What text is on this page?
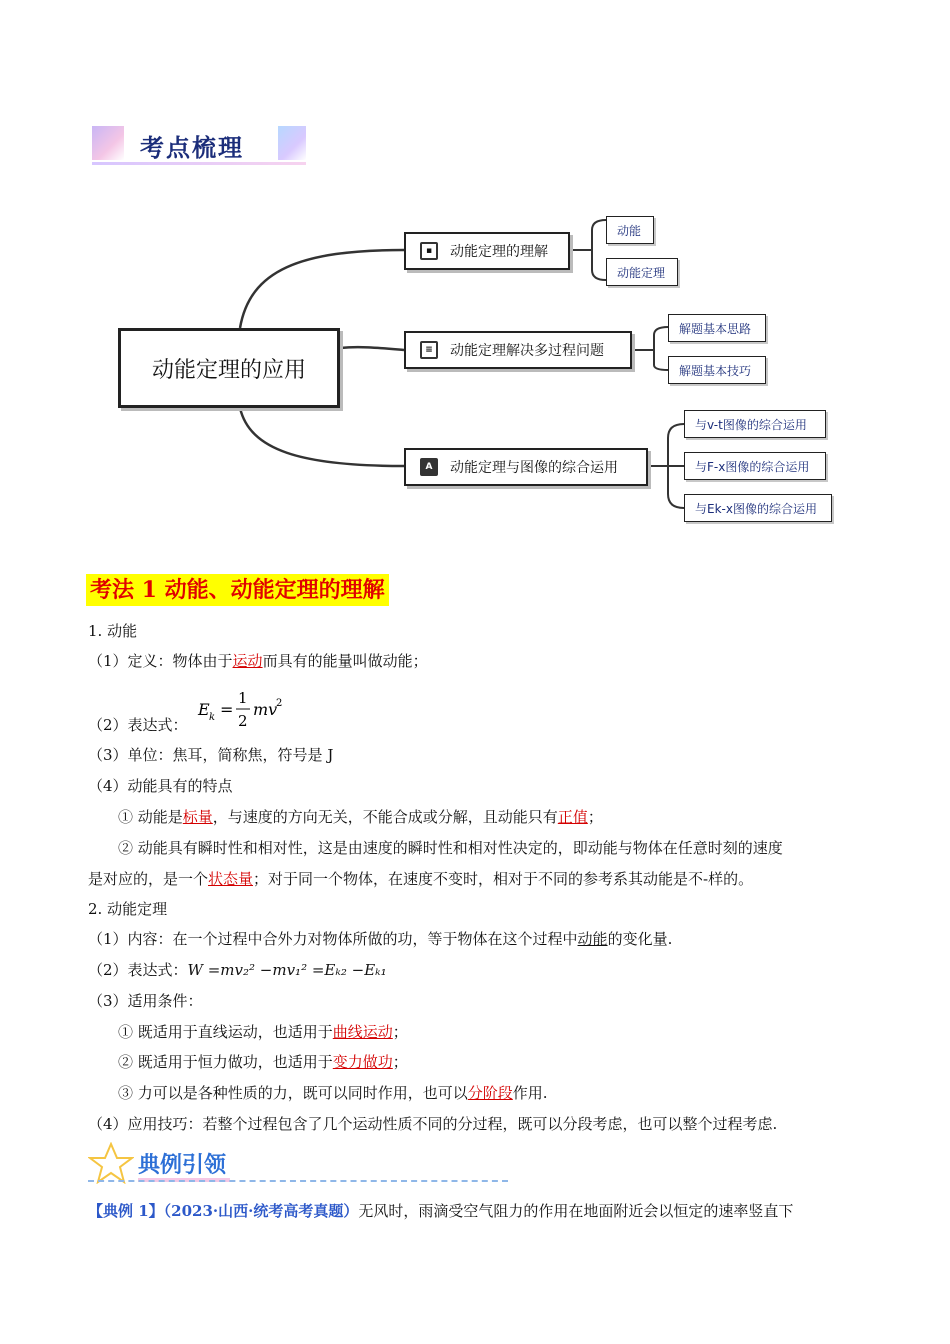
考点梳理
动能定理的应用
▪	动能定理的理解
≡	动能定理解决多过程问题
A	动能定理与图像的综合运用
动能
动能定理
解题基本思路
解题基本技巧
与v-t图像的综合运用
与F-x图像的综合运用
与Ek-x图像的综合运用
考法 1 动能、动能定理的理解
1. 动能
（1）定义：物体由于运动而具有的能量叫做动能；
E k =
1
2
mv
2
（2）表达式：
（3）单位：焦耳，简称焦，符号是 J
（4）动能具有的特点
① 动能是标量，与速度的方向无关，不能合成或分解，且动能只有正值；
② 动能具有瞬时性和相对性，这是由速度的瞬时性和相对性决定的，即动能与物体在任意时刻的速度
是对应的，是一个状态量；对于同一个物体，在速度不变时，相对于不同的参考系其动能是不-样的。
2. 动能定理
（1）内容：在一个过程中合外力对物体所做的功，等于物体在这个过程中动能的变化量.
（2）表达式：W =mv₂² −mv₁² =Eₖ₂ −Eₖ₁
（3）适用条件：
① 既适用于直线运动，也适用于曲线运动；
② 既适用于恒力做功，也适用于变力做功；
③ 力可以是各种性质的力，既可以同时作用，也可以分阶段作用.
（4）应用技巧：若整个过程包含了几个运动性质不同的分过程，既可以分段考虑，也可以整个过程考虑.
典例引领
【典例 1】（2023·山西·统考高考真题）无风时，雨滴受空气阻力的作用在地面附近会以恒定的速率竖直下
